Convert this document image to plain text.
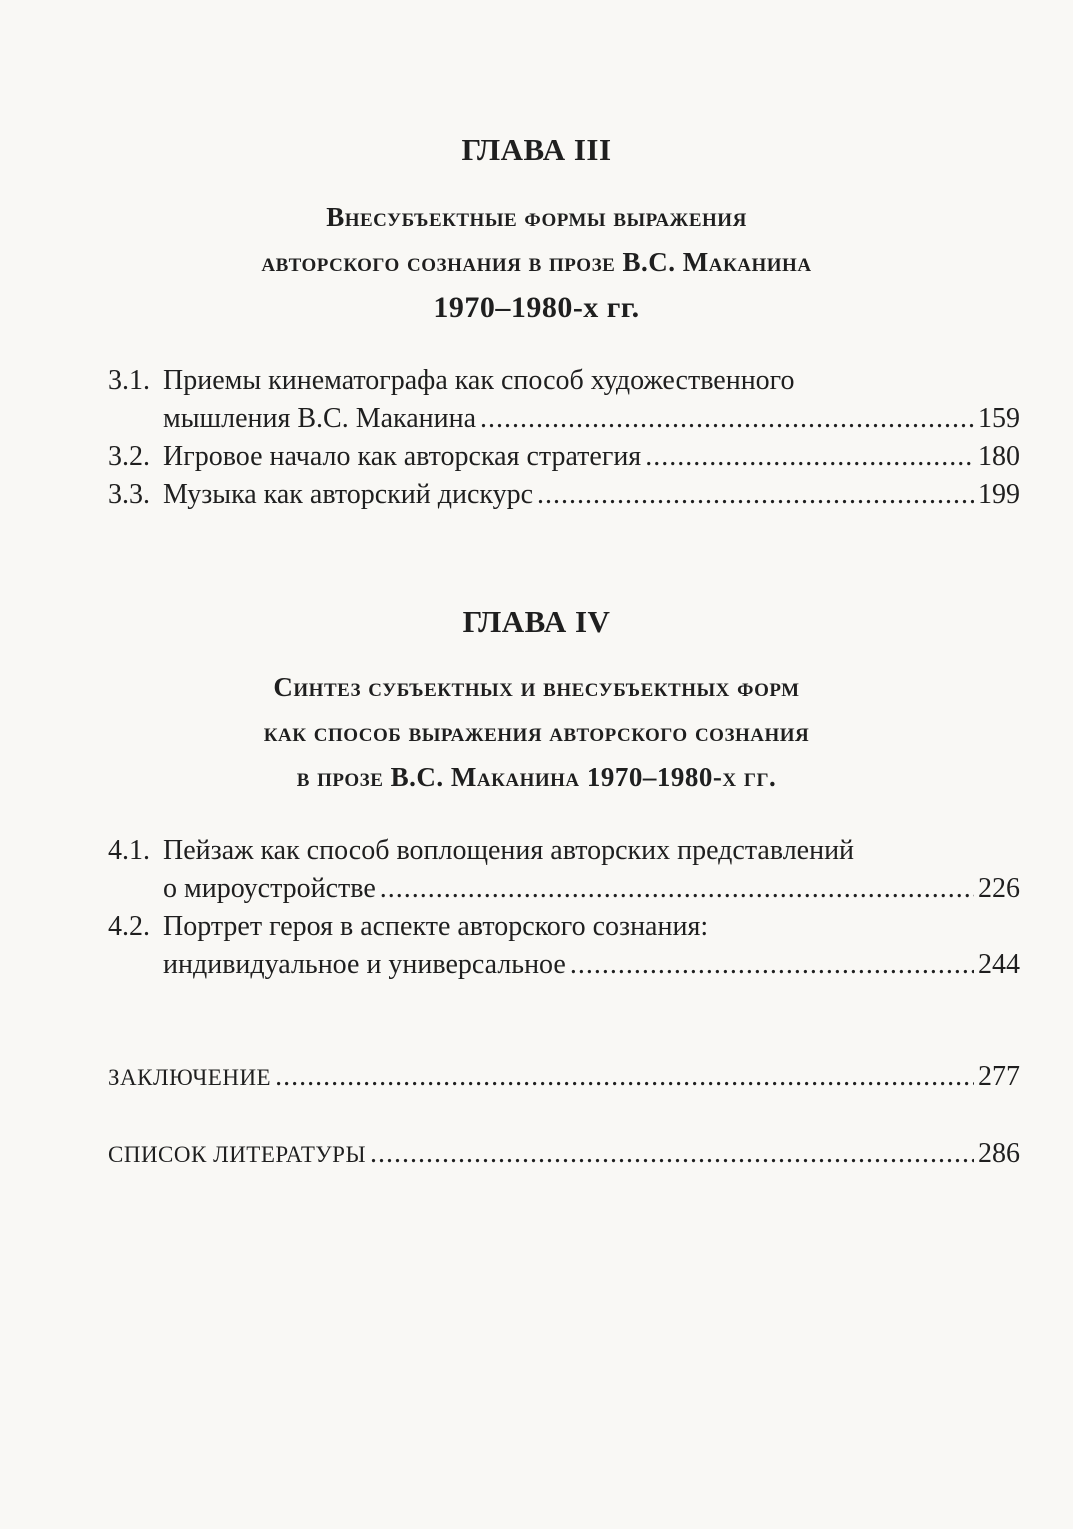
ГЛАВА III
Внесубъектные формы выражения
авторского сознания в прозе В.С. Маканина
1970–1980-х гг.
3.1. Приемы кинематографа как способ художественного
мышления В.С. Маканина . . .	159
3.2. Игровое начало как авторская стратегия . . .	180
3.3. Музыка как авторский дискурс . . .	199
ГЛАВА IV
Синтез субъектных и внесубъектных форм
как способ выражения авторского сознания
в прозе В.С. Маканина 1970–1980-х гг.
4.1. Пейзаж как способ воплощения авторских представлений
о мироустройстве . . .	226
4.2. Портрет героя в аспекте авторского сознания:
индивидуальное и универсальное . . .	244
ЗАКЛЮЧЕНИЕ . . .	277
СПИСОК ЛИТЕРАТУРЫ . . .	286
